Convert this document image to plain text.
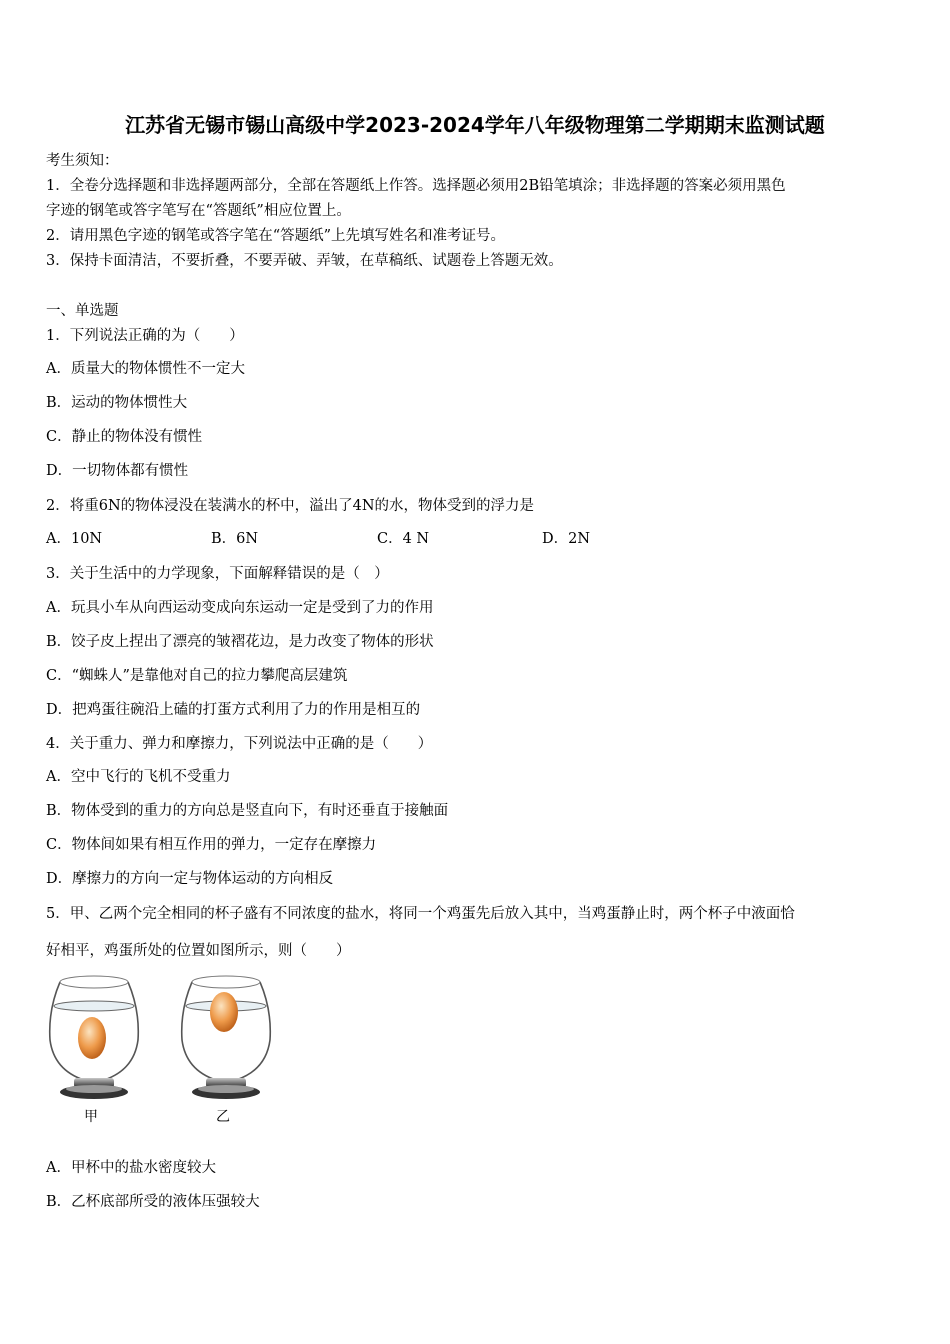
江苏省无锡市锡山高级中学2023-2024学年八年级物理第二学期期末监测试题
考生须知：
1．全卷分选择题和非选择题两部分，全部在答题纸上作答。选择题必须用2B铅笔填涂；非选择题的答案必须用黑色
字迹的钢笔或答字笔写在“答题纸”相应位置上。
2．请用黑色字迹的钢笔或答字笔在“答题纸”上先填写姓名和准考证号。
3．保持卡面清洁，不要折叠，不要弄破、弄皱，在草稿纸、试题卷上答题无效。
一、单选题
1．下列说法正确的为（　　）
A．质量大的物体惯性不一定大
B．运动的物体惯性大
C．静止的物体没有惯性
D．一切物体都有惯性
2．将重6N的物体浸没在装满水的杯中，溢出了4N的水，物体受到的浮力是
A．10N	B．6N	C．4 N	D．2N
3．关于生活中的力学现象，下面解释错误的是（　）
A．玩具小车从向西运动变成向东运动一定是受到了力的作用
B．饺子皮上捏出了漂亮的皱褶花边，是力改变了物体的形状
C．“蜘蛛人”是靠他对自己的拉力攀爬高层建筑
D．把鸡蛋往碗沿上磕的打蛋方式利用了力的作用是相互的
4．关于重力、弹力和摩擦力，下列说法中正确的是（　　）
A．空中飞行的飞机不受重力
B．物体受到的重力的方向总是竖直向下，有时还垂直于接触面
C．物体间如果有相互作用的弹力，一定存在摩擦力
D．摩擦力的方向一定与物体运动的方向相反
5．甲、乙两个完全相同的杯子盛有不同浓度的盐水，将同一个鸡蛋先后放入其中，当鸡蛋静止时，两个杯子中液面恰
好相平，鸡蛋所处的位置如图所示，则（　　）
甲	乙
A．甲杯中的盐水密度较大
B．乙杯底部所受的液体压强较大
